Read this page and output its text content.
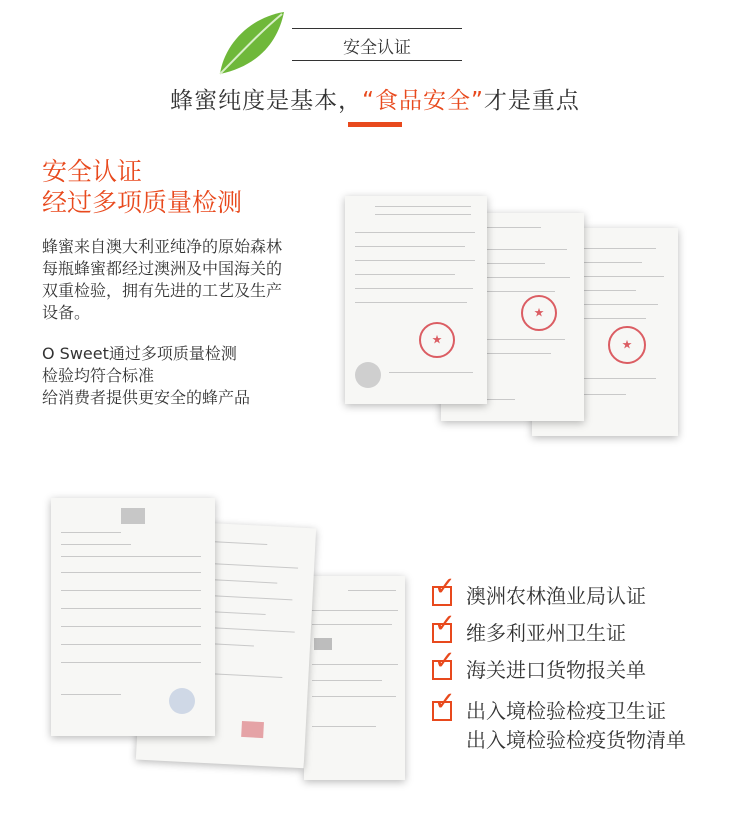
安全认证
蜂蜜纯度是基本，“食品安全”才是重点
安全认证
经过多项质量检测
蜂蜜来自澳大利亚纯净的原始森林
每瓶蜂蜜都经过澳洲及中国海关的
双重检验，拥有先进的工艺及生产
设备。
O Sweet通过多项质量检测
检验均符合标准
给消费者提供更安全的蜂产品
★
★
★
✓ 澳洲农林渔业局认证
✓ 维多利亚州卫生证
✓ 海关进口货物报关单
✓ 出入境检验检疫卫生证
出入境检验检疫货物清单
